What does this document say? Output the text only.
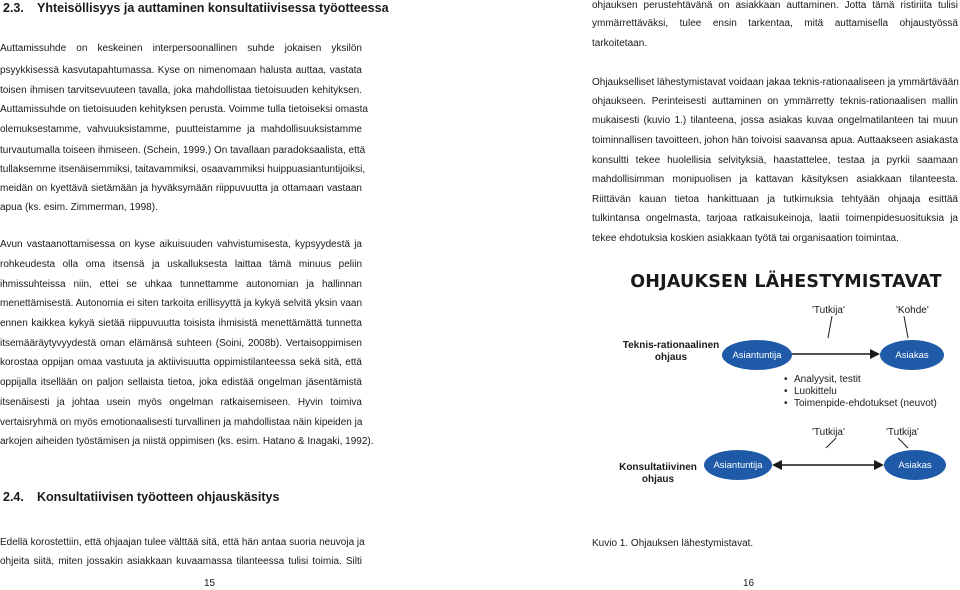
2.3. Yhteisöllisyys ja auttaminen konsultatiivisessa työotteessa
Auttamissuhde on keskeinen interpersoonallinen suhde jokaisen yksilön
psyykkisessä kasvutapahtumassa. Kyse on nimenomaan halusta auttaa, vastata
toisen ihmisen tarvitsevuuteen tavalla, joka mahdollistaa tietoisuuden kehityksen.
Auttamissuhde on tietoisuuden kehityksen perusta. Voimme tulla tietoiseksi omasta
olemuksestamme, vahvuuksistamme, puutteistamme ja mahdollisuuksistamme
turvautumalla toiseen ihmiseen. (Schein, 1999.) On tavallaan paradoksaalista, että
tullaksemme itsenäisemmiksi, taitavammiksi, osaavammiksi huippuasiantuntijoiksi,
meidän on kyettävä sietämään ja hyväksymään riippuvuutta ja ottamaan vastaan
apua (ks. esim. Zimmerman, 1998).
Avun vastaanottamisessa on kyse aikuisuuden vahvistumisesta, kypsyydestä ja
rohkeudesta olla oma itsensä ja uskalluksesta laittaa tämä minuus peliin
ihmissuhteissa niin, ettei se uhkaa tunnettamme autonomian ja hallinnan
menettämisestä. Autonomia ei siten tarkoita erillisyyttä ja kykyä selvitä yksin vaan
ennen kaikkea kykyä sietää riippuvuutta toisista ihmisistä menettämättä tunnetta
itsemääräytyvyydestä oman elämänsä suhteen (Soini, 2008b). Vertaisoppimisen
korostaa oppijan omaa vastuuta ja aktiivisuutta oppimistilanteessa sekä sitä, että
oppijalla itsellään on paljon sellaista tietoa, joka edistää ongelman jäsentämistä
itsenäisesti ja johtaa usein myös ongelman ratkaisemiseen. Hyvin toimiva
vertaisryhmä on myös emotionaalisesti turvallinen ja mahdollistaa näin kipeiden ja
arkojen aiheiden työstämisen ja niistä oppimisen (ks. esim. Hatano & Inagaki, 1992).
2.4. Konsultatiivisen työotteen ohjauskäsitys
Edellä korostettiin, että ohjaajan tulee välttää sitä, että hän antaa suoria neuvoja ja
ohjeita siitä, miten jossakin asiakkaan kuvaamassa tilanteessa tulisi toimia. Silti
15
ohjauksen perustehtävänä on asiakkaan auttaminen. Jotta tämä ristiriita tulisi
ymmärrettäväksi, tulee ensin tarkentaa, mitä auttamisella ohjaustyössä
tarkoitetaan.
Ohjaukselliset lähestymistavat voidaan jakaa teknis-rationaaliseen ja ymmärtävään
ohjaukseen. Perinteisesti auttaminen on ymmärretty teknis-rationaalisen mallin
mukaisesti (kuvio 1.) tilanteena, jossa asiakas kuvaa ongelmatilanteen tai muun
toiminnallisen tavoitteen, johon hän toivoisi saavansa apua. Auttaakseen asiakasta
konsultti tekee huolellisia selvityksiä, haastattelee, testaa ja pyrkii saamaan
mahdollisimman monipuolisen ja kattavan käsityksen asiakkaan tilanteesta.
Riittävän kauan tietoa hankittuaan ja tutkimuksia tehtyään ohjaaja esittää
tulkintansa ongelmasta, tarjoaa ratkaisukeinoja, laatii toimenpidesuosituksia ja
tekee ehdotuksia koskien asiakkaan työtä tai organisaation toimintaa.
Kuvio 1. Ohjauksen lähestymistavat.
16
OHJAUKSEN LÄHESTYMISTAVAT
'Tutkija'	'Kohde'
Teknis-rationaalinen
ohjaus	Asiantuntija	Asiakas
• Analyysit, testit
• Luokittelu
• Toimenpide-ehdotukset (neuvot)
'Tutkija'	'Tutkija'
Konsultatiivinen
ohjaus
Asiantuntija	Asiakas
